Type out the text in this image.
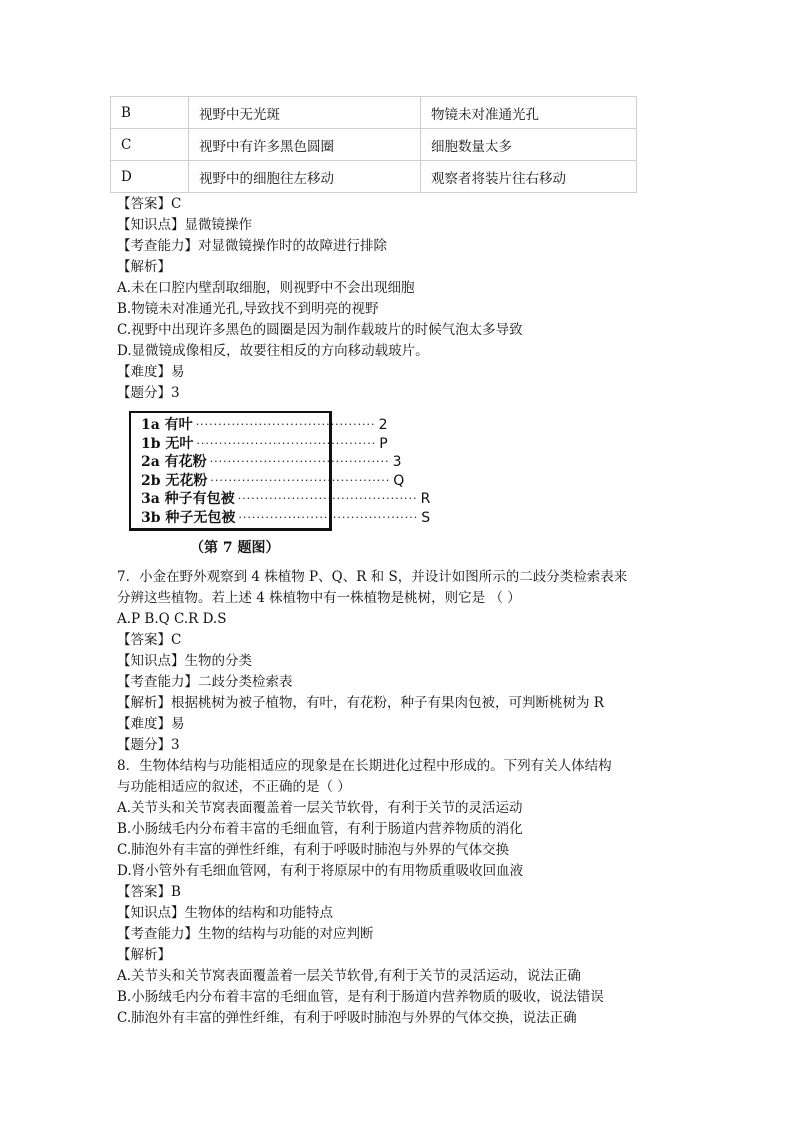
B	视野中无光斑	物镜未对准通光孔
C	视野中有许多黑色圆圈	细胞数量太多
D	视野中的细胞往左移动	观察者将装片往右移动
【答案】C
【知识点】显微镜操作
【考查能力】对显微镜操作时的故障进行排除
【解析】
A.未在口腔内壁刮取细胞，则视野中不会出现细胞
B.物镜未对准通光孔,导致找不到明亮的视野
C.视野中出现许多黑色的圆圈是因为制作载玻片的时候气泡太多导致
D.显微镜成像相反，故要往相反的方向移动载玻片。
【难度】易
【题分】3
1a 有叶 ········································ 2
1b 无叶 ········································ P
2a 有花粉 ········································ 3
2b 无花粉 ········································ Q
3a 种子有包被 ········································ R
3b 种子无包被 ········································ S
（第 7 题图）
7．小金在野外观察到 4 株植物 P、Q、R 和 S，并设计如图所示的二歧分类检索表来
分辨这些植物。若上述 4 株植物中有一株植物是桃树，则它是 （ ）
A.P B.Q C.R D.S
【答案】C
【知识点】生物的分类
【考查能力】二歧分类检索表
【解析】根据桃树为被子植物，有叶，有花粉，种子有果肉包被，可判断桃树为 R
【难度】易
【题分】3
8．生物体结构与功能相适应的现象是在长期进化过程中形成的。下列有关人体结构
与功能相适应的叙述，不正确的是（ ）
A.关节头和关节窝表面覆盖着一层关节软骨，有利于关节的灵活运动
B.小肠绒毛内分布着丰富的毛细血管，有利于肠道内营养物质的消化
C.肺泡外有丰富的弹性纤维，有利于呼吸时肺泡与外界的气体交换
D.肾小管外有毛细血管网，有利于将原尿中的有用物质重吸收回血液
【答案】B
【知识点】生物体的结构和功能特点
【考查能力】生物的结构与功能的对应判断
【解析】
A.关节头和关节窝表面覆盖着一层关节软骨,有利于关节的灵活运动，说法正确
B.小肠绒毛内分布着丰富的毛细血管，是有利于肠道内营养物质的吸收，说法错误
C.肺泡外有丰富的弹性纤维，有利于呼吸时肺泡与外界的气体交换，说法正确
